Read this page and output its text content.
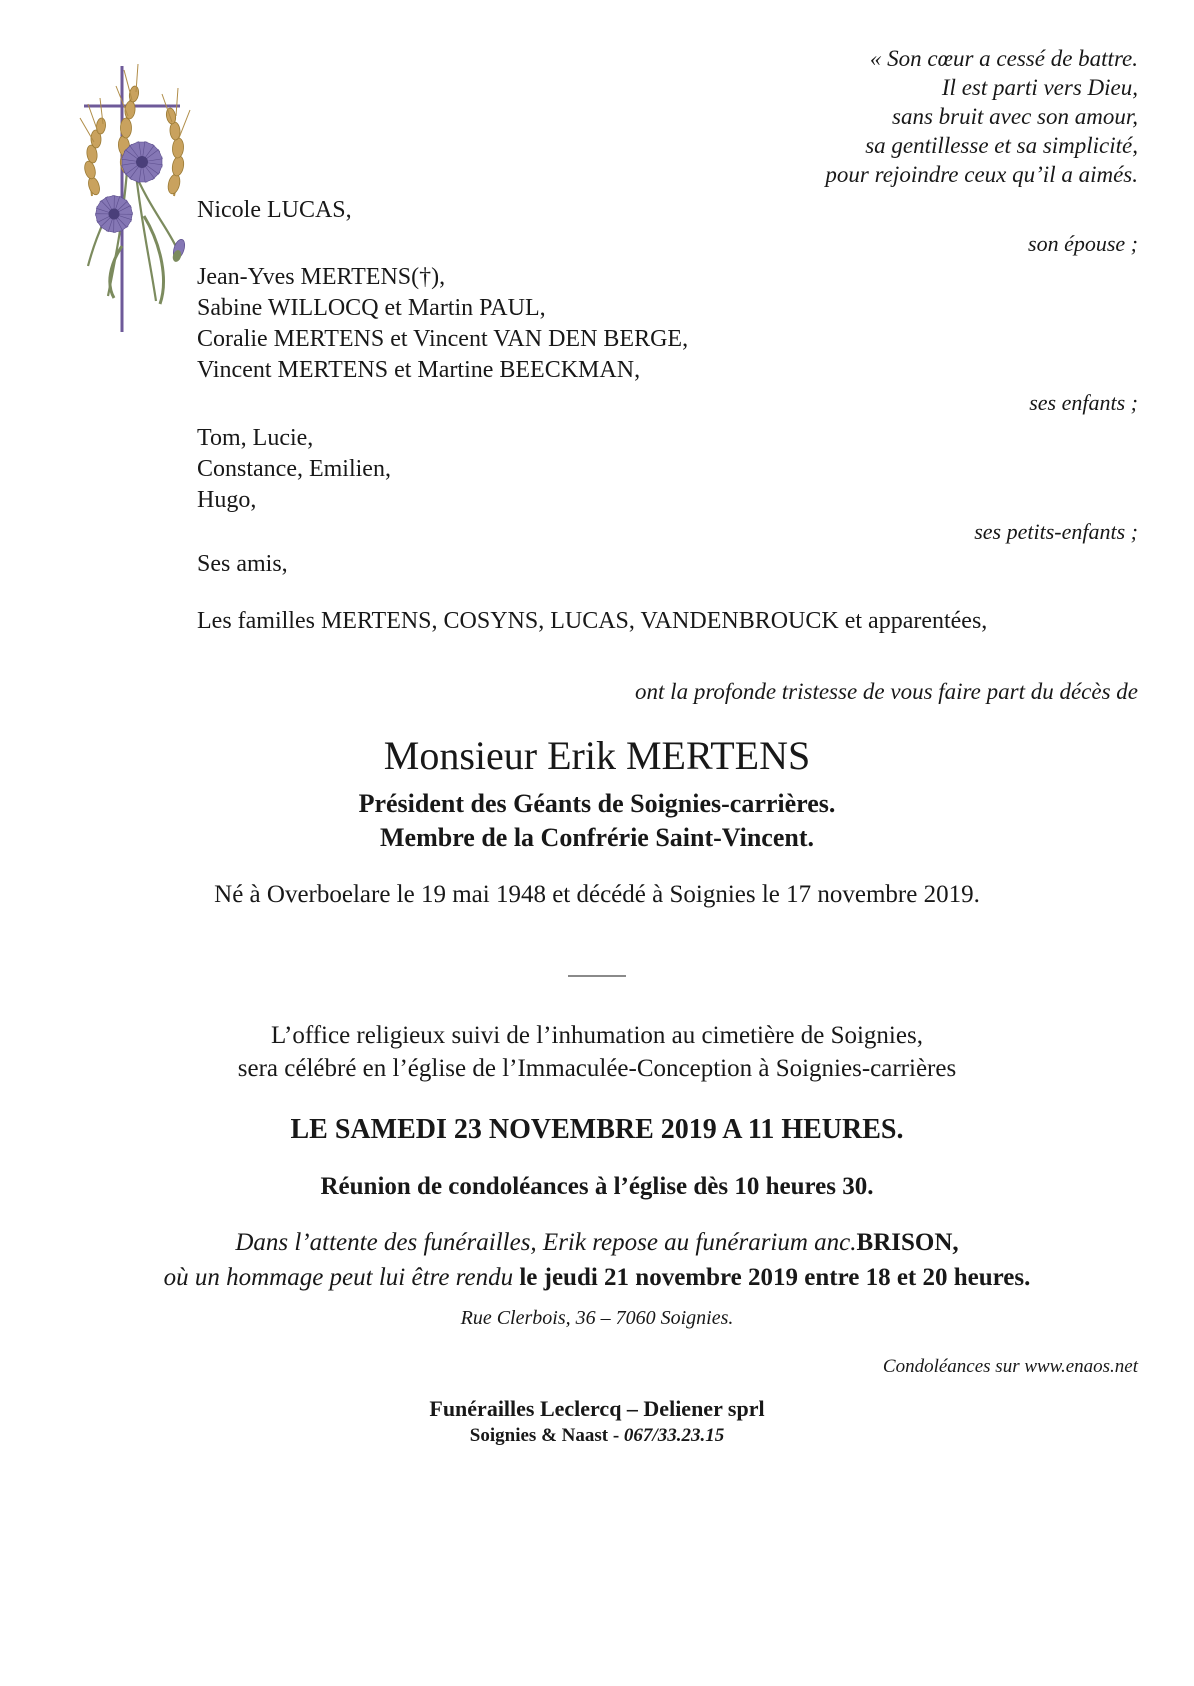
« Son cœur a cessé de battre.
Il est parti vers Dieu,
sans bruit avec son amour,
sa gentillesse et sa simplicité,
pour rejoindre ceux qu’il a aimés.
Nicole LUCAS,
son épouse ;
Jean-Yves MERTENS(†),
Sabine WILLOCQ et Martin PAUL,
Coralie MERTENS et Vincent VAN DEN BERGE,
Vincent MERTENS et Martine BEECKMAN,
ses enfants ;
Tom, Lucie,
Constance, Emilien,
Hugo,
ses petits-enfants ;
Ses amis,
Les familles MERTENS, COSYNS, LUCAS, VANDENBROUCK et apparentées,
ont la profonde tristesse de vous faire part du décès de
Monsieur Erik MERTENS
Président des Géants de Soignies-carrières.
Membre de la Confrérie Saint-Vincent.
Né à Overboelare le 19 mai 1948 et décédé à Soignies le 17 novembre 2019.
L’office religieux suivi de l’inhumation au cimetière de Soignies,
sera célébré en l’église de l’Immaculée-Conception à Soignies-carrières
LE SAMEDI 23 NOVEMBRE 2019 A 11 HEURES.
Réunion de condoléances à l’église dès 10 heures 30.
Dans l’attente des funérailles, Erik repose au funérarium anc.BRISON,
où un hommage peut lui être rendu le jeudi 21 novembre 2019 entre 18 et 20 heures.
Rue Clerbois, 36 – 7060 Soignies.
Condoléances sur www.enaos.net
Funérailles Leclercq – Deliener sprl
Soignies & Naast - 067/33.23.15
